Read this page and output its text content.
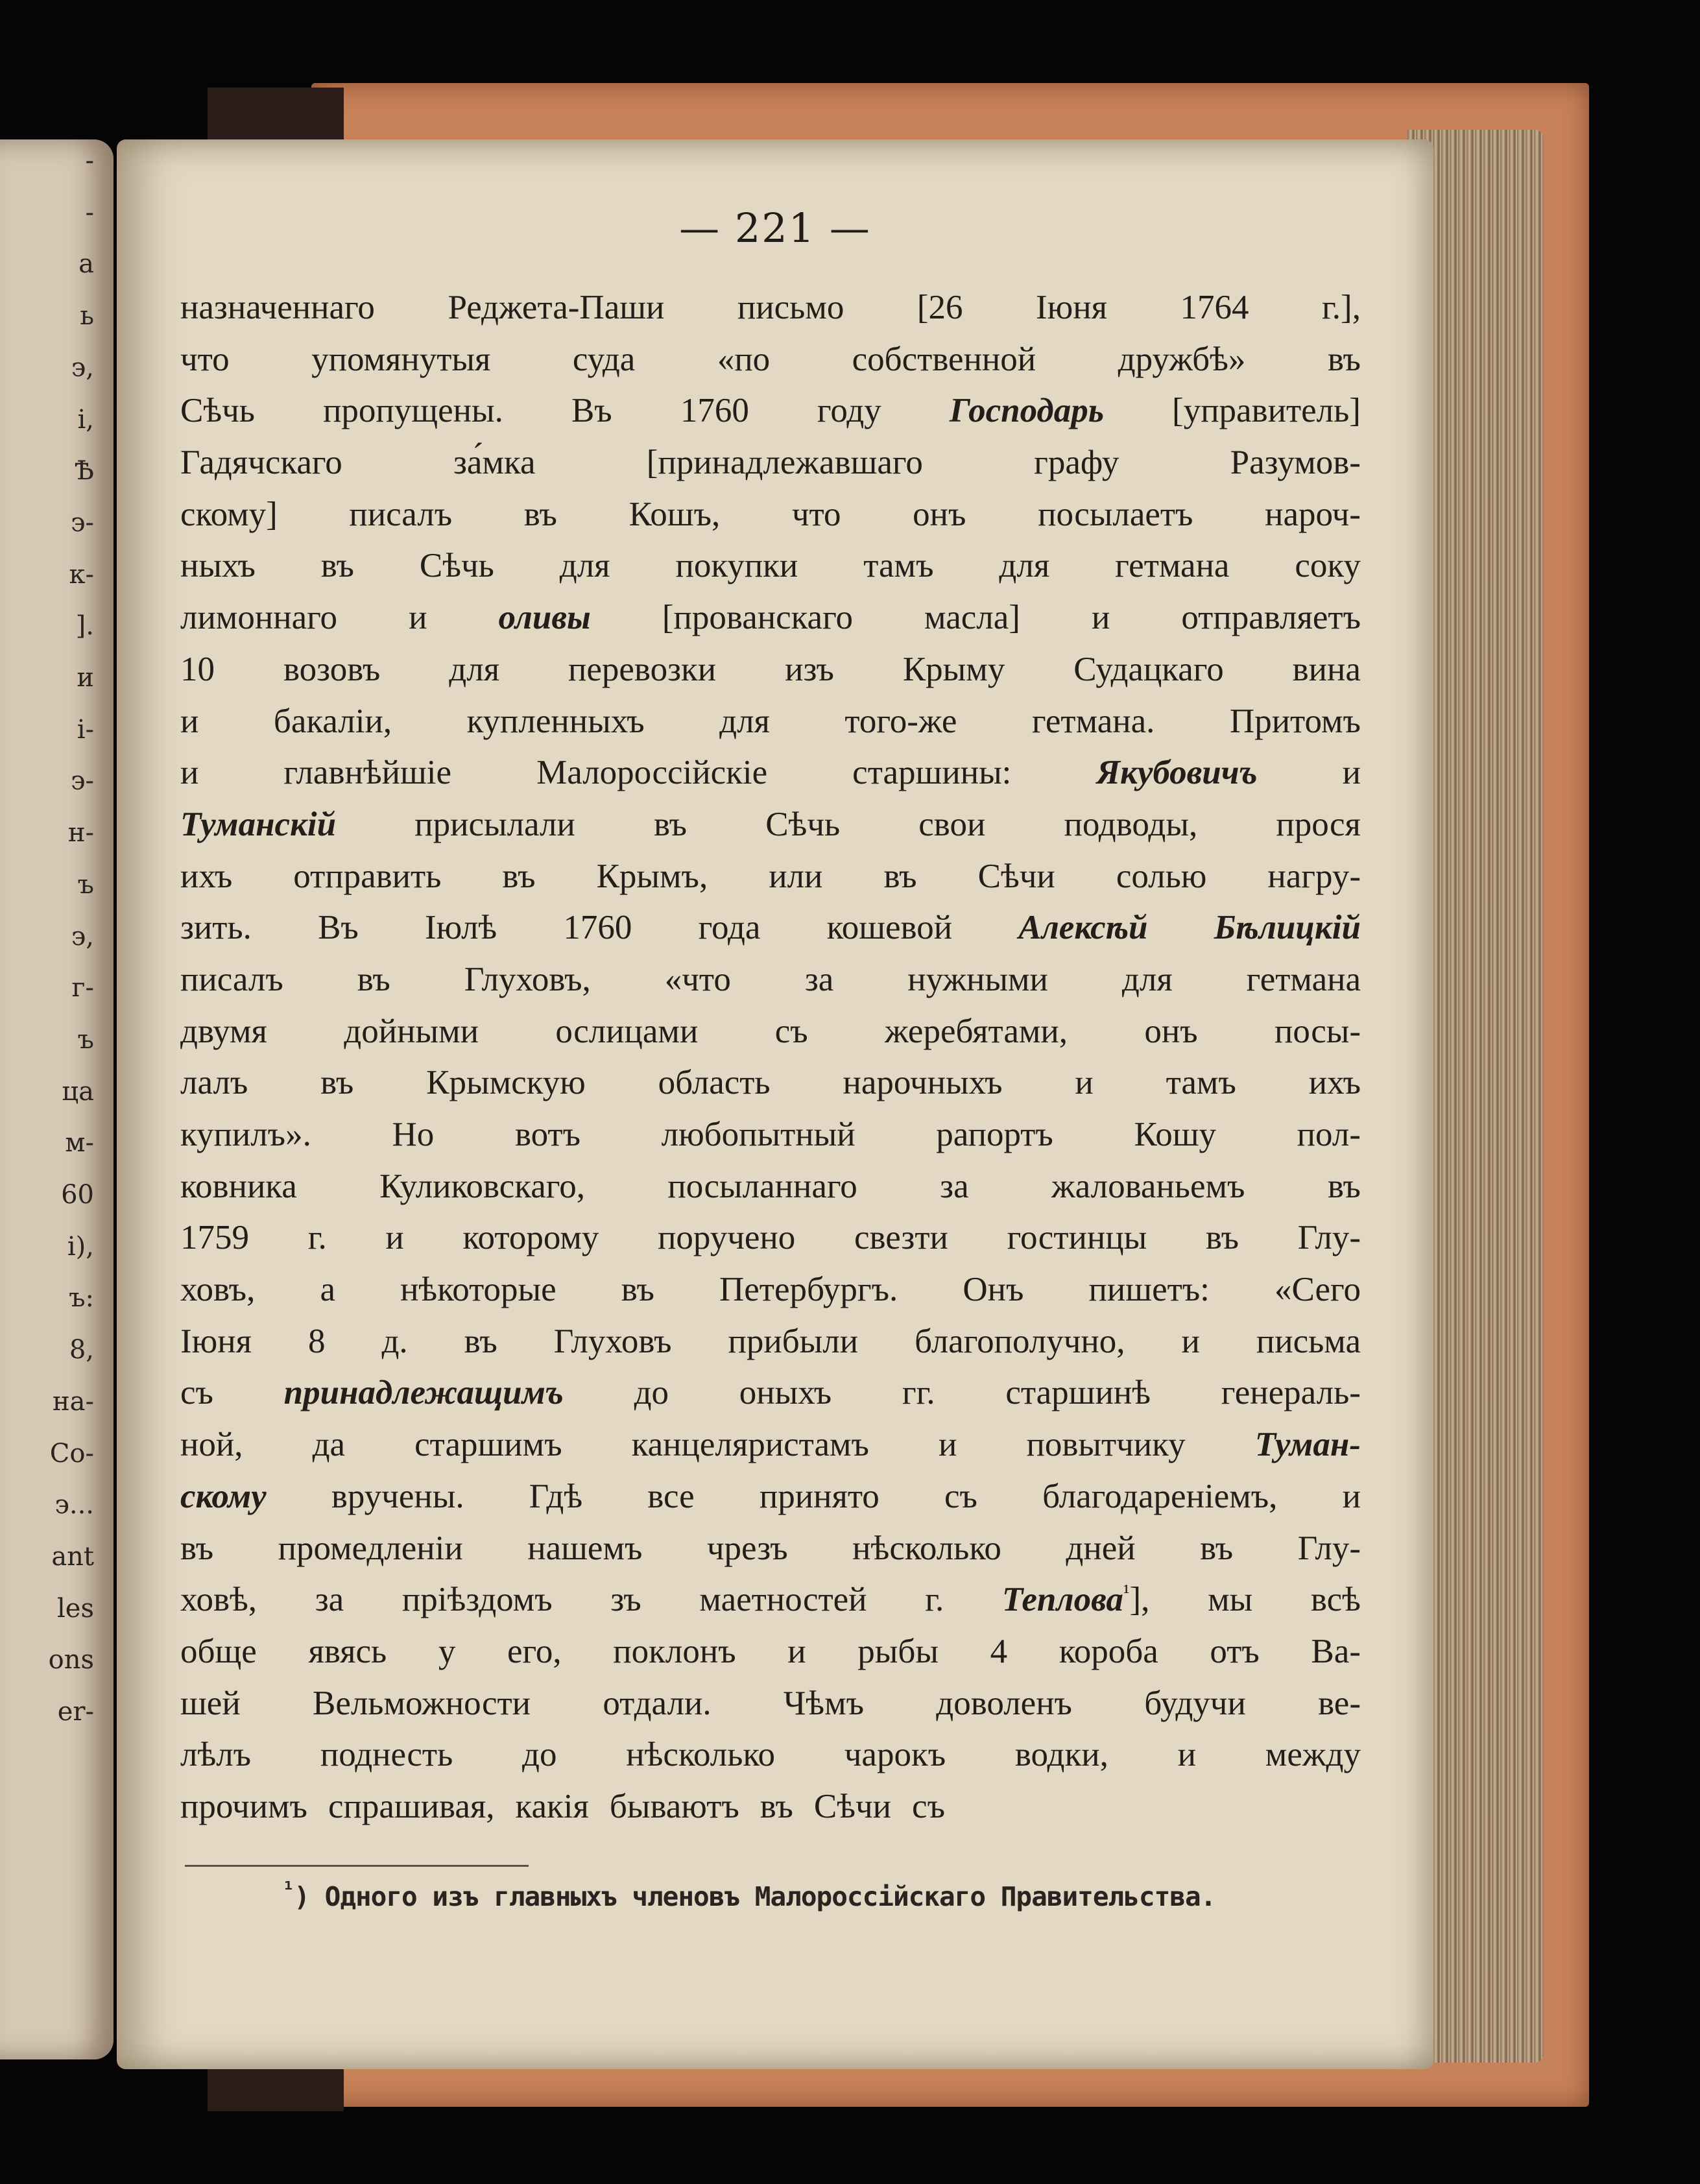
-
-
а
ь
э,
і,
Ѣ
э-
к-
].
и
і-
э-
н-
ъ
э,
г-
ъ
ца
м-
60
і),
ъ:
8,
на-
Со-
э...
ant
les
ons
er-
— 221 —
назначеннаго Реджета-Паши письмо [26 Іюня 1764 г.],
что упомянутыя суда «по собственной дружбѣ» въ
Сѣчь пропущены. Въ 1760 году Господарь [управитель]
Гадячскаго	за́мка	[принадлежавшаго	графу	Разумов-
скому] писалъ въ Кошъ, что онъ посылаетъ нароч-
ныхъ въ Сѣчь для покупки тамъ для гетмана соку
лимоннаго и оливы [прованскаго масла] и отправляетъ
10 возовъ для перевозки изъ Крыму Судацкаго вина
и бакаліи, купленныхъ для того-же гетмана. Притомъ
и главнѣйшіе Малороссійскіе старшины: Якубовичъ и
Туманскій присылали въ Сѣчь свои подводы, прося
ихъ отправить въ Крымъ, или въ Сѣчи солью нагру-
зить. Въ Іюлѣ 1760 года кошевой Алексѣй Бѣлицкій
писалъ въ Глуховъ, «что за нужными для гетмана
двумя дойными ослицами съ жеребятами, онъ посы-
лалъ въ Крымскую область нарочныхъ и тамъ ихъ
купилъ». Но вотъ любопытный рапортъ Кошу пол-
ковника Куликовскаго, посыланнаго за жалованьемъ въ
1759 г. и которому поручено свезти гостинцы въ Глу-
ховъ, а нѣкоторые въ Петербургъ. Онъ пишетъ: «Сего
Іюня 8 д. въ Глуховъ прибыли благополучно, и письма
съ принадлежащимъ до оныхъ гг. старшинѣ генераль-
ной, да старшимъ канцеляристамъ и повытчику Туман-
скому вручены. Гдѣ все принято съ благодареніемъ, и
въ промедленіи нашемъ чрезъ нѣсколько дней въ Глу-
ховѣ, за пріѣздомъ зъ маетностей г. Теплова$^{^1}$], мы всѣ
обще явясь у его, поклонъ и рыбы 4 короба отъ Ва-
шей Вельможности отдали. Чѣмъ доволенъ будучи ве-
лѣлъ поднесть до нѣсколько чарокъ водки, и между
прочимъ спрашивая, какія бываютъ въ Сѣчи съ
$^{^1}$) Одного изъ главныхъ членовъ Малороссійскаго Правительства.
